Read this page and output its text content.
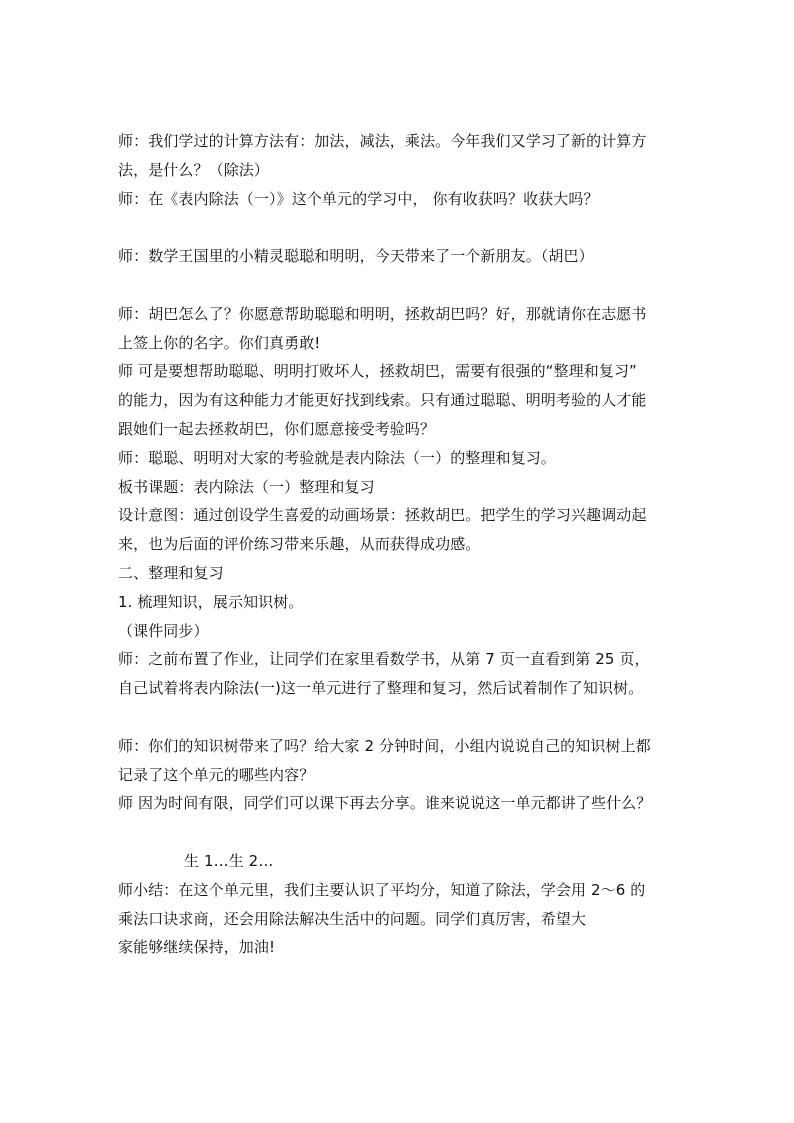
师：我们学过的计算方法有：加法，减法，乘法。今年我们又学习了新的计算方
法，是什么？（除法）
师：在《表内除法（一）》这个单元的学习中， 你有收获吗？收获大吗？
师：数学王国里的小精灵聪聪和明明，今天带来了一个新朋友。（胡巴）
师：胡巴怎么了？你愿意帮助聪聪和明明，拯救胡巴吗？好，那就请你在志愿书
上签上你的名字。你们真勇敢!
师 可是要想帮助聪聪、明明打败坏人，拯救胡巴，需要有很强的“整理和复习”
的能力，因为有这种能力才能更好找到线索。只有通过聪聪、明明考验的人才能
跟她们一起去拯救胡巴，你们愿意接受考验吗？
师：聪聪、明明对大家的考验就是表内除法（一）的整理和复习。
板书课题：表内除法（一）整理和复习
设计意图：通过创设学生喜爱的动画场景：拯救胡巴。把学生的学习兴趣调动起
来，也为后面的评价练习带来乐趣，从而获得成功感。
二、整理和复习
1. 梳理知识，展示知识树。
（课件同步）
师：之前布置了作业，让同学们在家里看数学书，从第 7 页一直看到第 25 页，
自己试着将表内除法(一)这一单元进行了整理和复习，然后试着制作了知识树。
师：你们的知识树带来了吗？给大家 2 分钟时间，小组内说说自己的知识树上都
记录了这个单元的哪些内容？
师 因为时间有限，同学们可以课下再去分享。谁来说说这一单元都讲了些什么？
生 1…生 2…
师小结：在这个单元里，我们主要认识了平均分，知道了除法，学会用 2～6 的
乘法口诀求商，还会用除法解决生活中的问题。同学们真厉害，希望大
家能够继续保持，加油!
